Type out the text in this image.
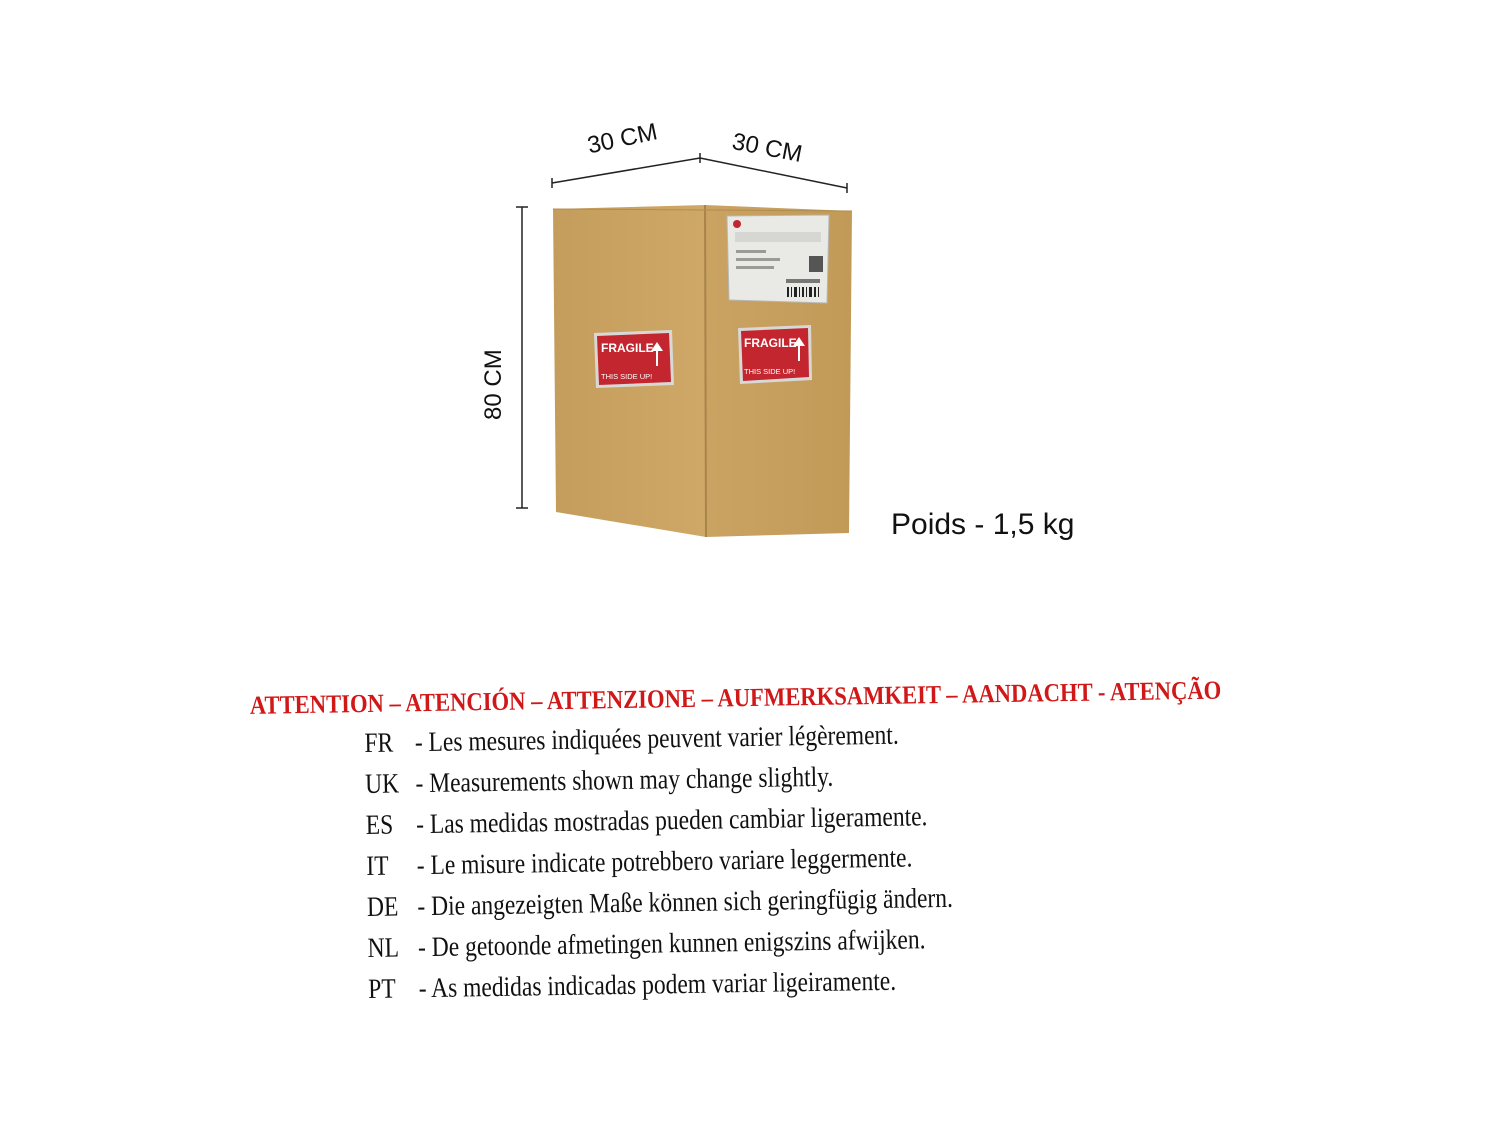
FRAGILE
THIS SIDE UP!
FRAGILE
THIS SIDE UP!
30 CM	30 CM
80 CM
Poids - 1,5 kg
ATTENTION – ATENCIÓN – ATTENZIONE – AUFMERKSAMKEIT – AANDACHT - ATENÇÃO
FR - Les mesures indiquées peuvent varier légèrement.
UK - Measurements shown may change slightly.
ES - Las medidas mostradas pueden cambiar ligeramente.
IT - Le misure indicate potrebbero variare leggermente.
DE - Die angezeigten Maße können sich geringfügig ändern.
NL - De getoonde afmetingen kunnen enigszins afwijken.
PT - As medidas indicadas podem variar ligeiramente.
